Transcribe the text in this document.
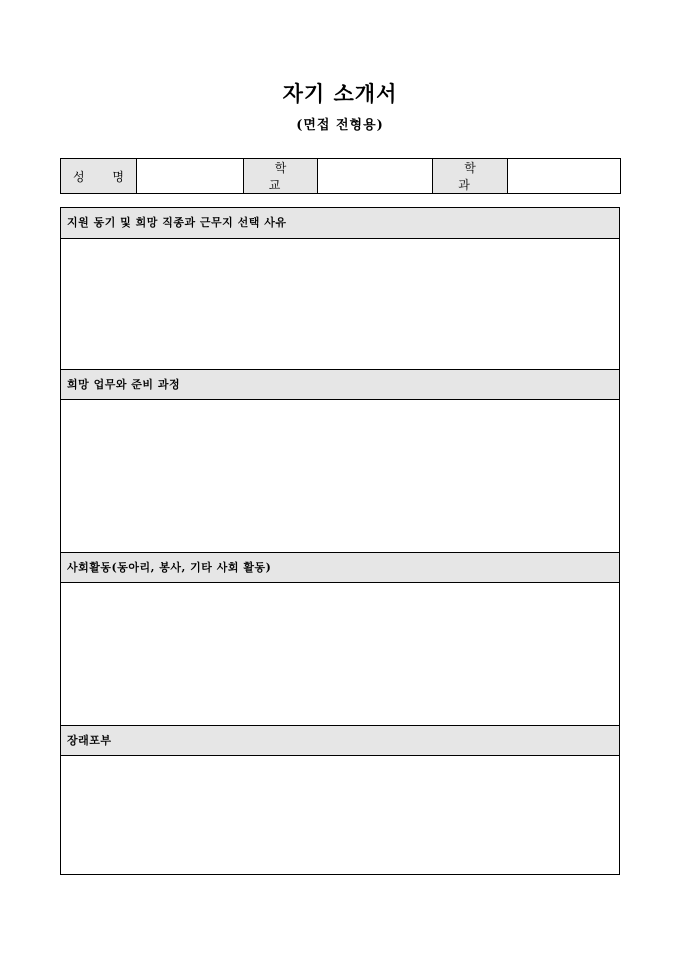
자기 소개서
(면접 전형용)
성 명		학 교		학 과	
지원 동기 및 희망 직종과 근무지 선택 사유
희망 업무와 준비 과정
사회활동(동아리, 봉사, 기타 사회 활동)
장래포부
